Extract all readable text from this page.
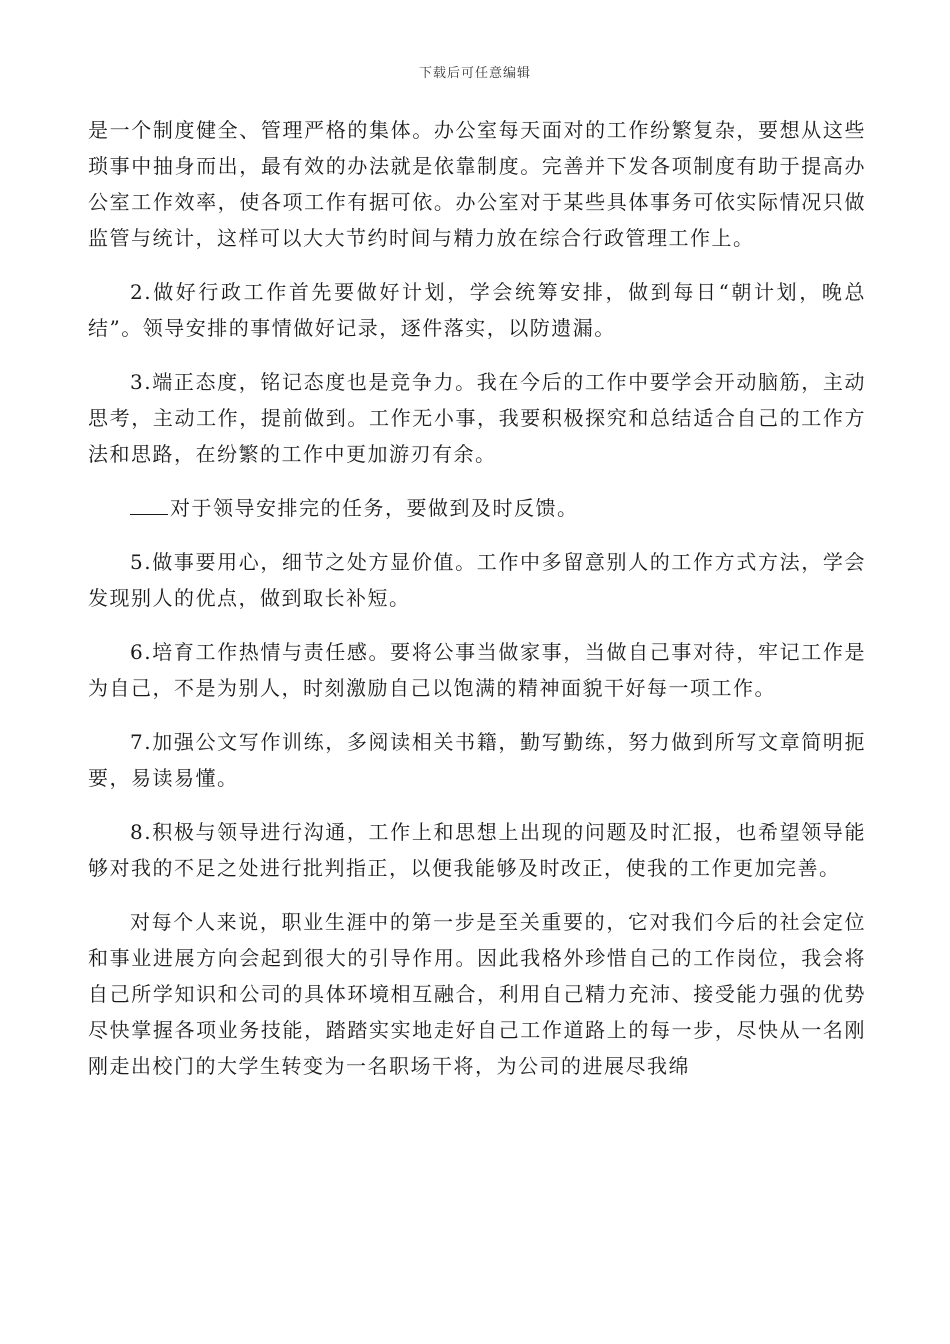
下载后可任意编辑

是一个制度健全、管理严格的集体。办公室每天面对的工作纷繁复杂，要想从这些琐事中抽身而出，最有效的办法就是依靠制度。完善并下发各项制度有助于提高办公室工作效率，使各项工作有据可依。办公室对于某些具体事务可依实际情况只做监管与统计，这样可以大大节约时间与精力放在综合行政管理工作上。

2.做好行政工作首先要做好计划，学会统筹安排，做到每日“朝计划，晚总结”。领导安排的事情做好记录，逐件落实，以防遗漏。

3.端正态度，铭记态度也是竞争力。我在今后的工作中要学会开动脑筋，主动思考，主动工作，提前做到。工作无小事，我要积极探究和总结适合自己的工作方法和思路，在纷繁的工作中更加游刃有余。

对于领导安排完的任务，要做到及时反馈。

5.做事要用心，细节之处方显价值。工作中多留意别人的工作方式方法，学会发现别人的优点，做到取长补短。

6.培育工作热情与责任感。要将公事当做家事，当做自己事对待，牢记工作是为自己，不是为别人，时刻激励自己以饱满的精神面貌干好每一项工作。

7.加强公文写作训练，多阅读相关书籍，勤写勤练，努力做到所写文章简明扼要，易读易懂。

8.积极与领导进行沟通，工作上和思想上出现的问题及时汇报，也希望领导能够对我的不足之处进行批判指正，以便我能够及时改正，使我的工作更加完善。

对每个人来说，职业生涯中的第一步是至关重要的，它对我们今后的社会定位和事业进展方向会起到很大的引导作用。因此我格外珍惜自己的工作岗位，我会将自己所学知识和公司的具体环境相互融合，利用自己精力充沛、接受能力强的优势尽快掌握各项业务技能，踏踏实实地走好自己工作道路上的每一步，尽快从一名刚刚走出校门的大学生转变为一名职场干将，为公司的进展尽我绵
